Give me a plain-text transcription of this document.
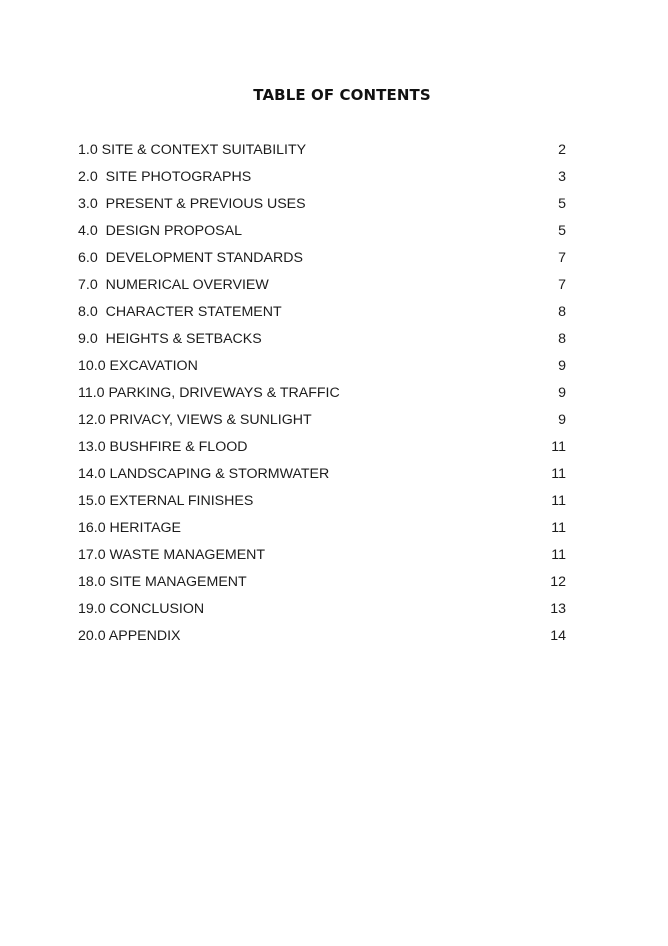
TABLE OF CONTENTS
1.0 SITE & CONTEXT SUITABILITY	2
2.0  SITE PHOTOGRAPHS	3
3.0  PRESENT & PREVIOUS USES	5
4.0  DESIGN PROPOSAL	5
6.0  DEVELOPMENT STANDARDS	7
7.0  NUMERICAL OVERVIEW	7
8.0  CHARACTER STATEMENT	8
9.0  HEIGHTS & SETBACKS	8
10.0 EXCAVATION	9
11.0 PARKING, DRIVEWAYS & TRAFFIC	9
12.0 PRIVACY, VIEWS & SUNLIGHT	9
13.0 BUSHFIRE & FLOOD	11
14.0 LANDSCAPING & STORMWATER	11
15.0 EXTERNAL FINISHES	11
16.0 HERITAGE	11
17.0 WASTE MANAGEMENT	11
18.0 SITE MANAGEMENT	12
19.0 CONCLUSION	13
20.0 APPENDIX	14
